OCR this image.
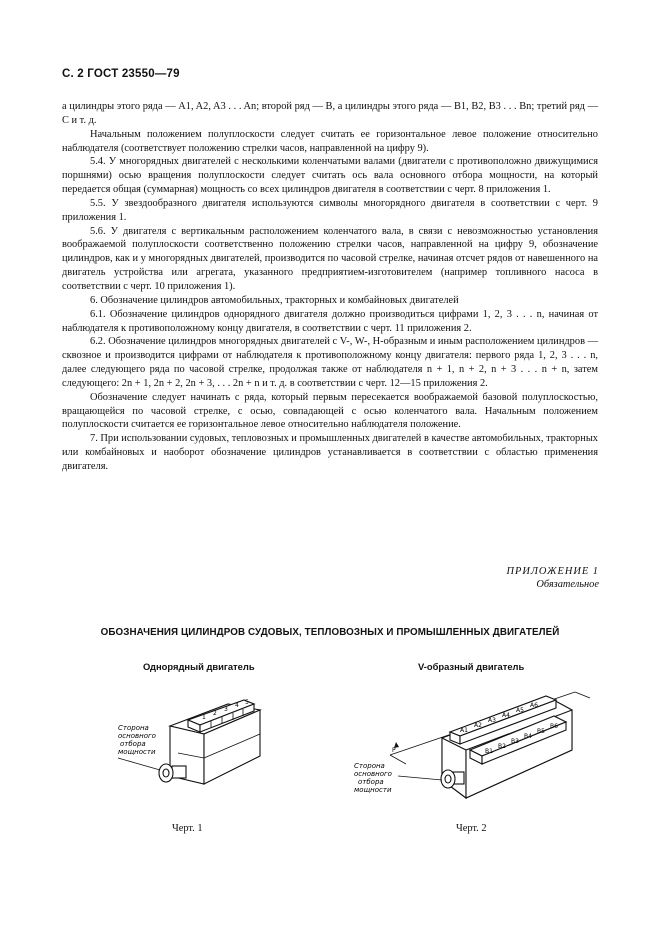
С. 2 ГОСТ 23550—79

а цилиндры этого ряда — A1, A2, A3 . . . An; второй ряд — B, а цилиндры этого ряда — B1, B2, B3 . . . Bn; третий ряд — C и т. д.

Начальным положением полуплоскости следует считать ее горизонтальное левое положение относительно наблюдателя (соответствует положению стрелки часов, направленной на цифру 9).

5.4. У многорядных двигателей с несколькими коленчатыми валами (двигатели с противоположно движущимися поршнями) осью вращения полуплоскости следует считать ось вала основного отбора мощности, на который передается общая (суммарная) мощность со всех цилиндров двигателя в соответствии с черт. 8 приложения 1.

5.5. У звездообразного двигателя используются символы многорядного двигателя в соответствии с черт. 9 приложения 1.

5.6. У двигателя с вертикальным расположением коленчатого вала, в связи с невозможностью установления воображаемой полуплоскости соответственно положению стрелки часов, направленной на цифру 9, обозначение цилиндров, как и у многорядных двигателей, производится по часовой стрелке, начиная отсчет рядов от навешенного на двигатель устройства или агрегата, указанного предприятием-изготовителем (например топливного насоса в соответствии с черт. 10 приложения 1).

6. Обозначение цилиндров автомобильных, тракторных и комбайновых двигателей

6.1. Обозначение цилиндров однорядного двигателя должно производиться цифрами 1, 2, 3 . . . n, начиная от наблюдателя к противоположному концу двигателя, в соответствии с черт. 11 приложения 2.

6.2. Обозначение цилиндров многорядных двигателей с V-, W-, H-образным и иным расположением цилиндров — сквозное и производится цифрами от наблюдателя к противоположному концу двигателя: первого ряда 1, 2, 3 . . . n, далее следующего ряда по часовой стрелке, продолжая также от наблюдателя n + 1, n + 2, n + 3 . . . n + n, затем следующего: 2n + 1, 2n + 2, 2n + 3, . . . 2n + n и т. д. в соответствии с черт. 12—15 приложения 2.

Обозначение следует начинать с ряда, который первым пересекается воображаемой базовой полуплоскостью, вращающейся по часовой стрелке, с осью, совпадающей с осью коленчатого вала. Начальным положением полуплоскости считается ее горизонтальное левое относительно наблюдателя положение.

7. При использовании судовых, тепловозных и промышленных двигателей в качестве автомобильных, тракторных или комбайновых и наоборот обозначение цилиндров устанавливается в соответствии с областью применения двигателя.

ПРИЛОЖЕНИЕ 1
Обязательное
ОБОЗНАЧЕНИЯ ЦИЛИНДРОВ СУДОВЫХ, ТЕПЛОВОЗНЫХ И ПРОМЫШЛЕННЫХ ДВИГАТЕЛЕЙ
Однорядный двигатель	V-образный двигатель
1
2
3
4 5
Сторона
основного
отбора
мощности	P
A1
A2
A3
A4
A5
A6
B1
B2
B3
B4
B5
B6
Сторона
основного
отбора
мощности
Черт. 1	Черт. 2
